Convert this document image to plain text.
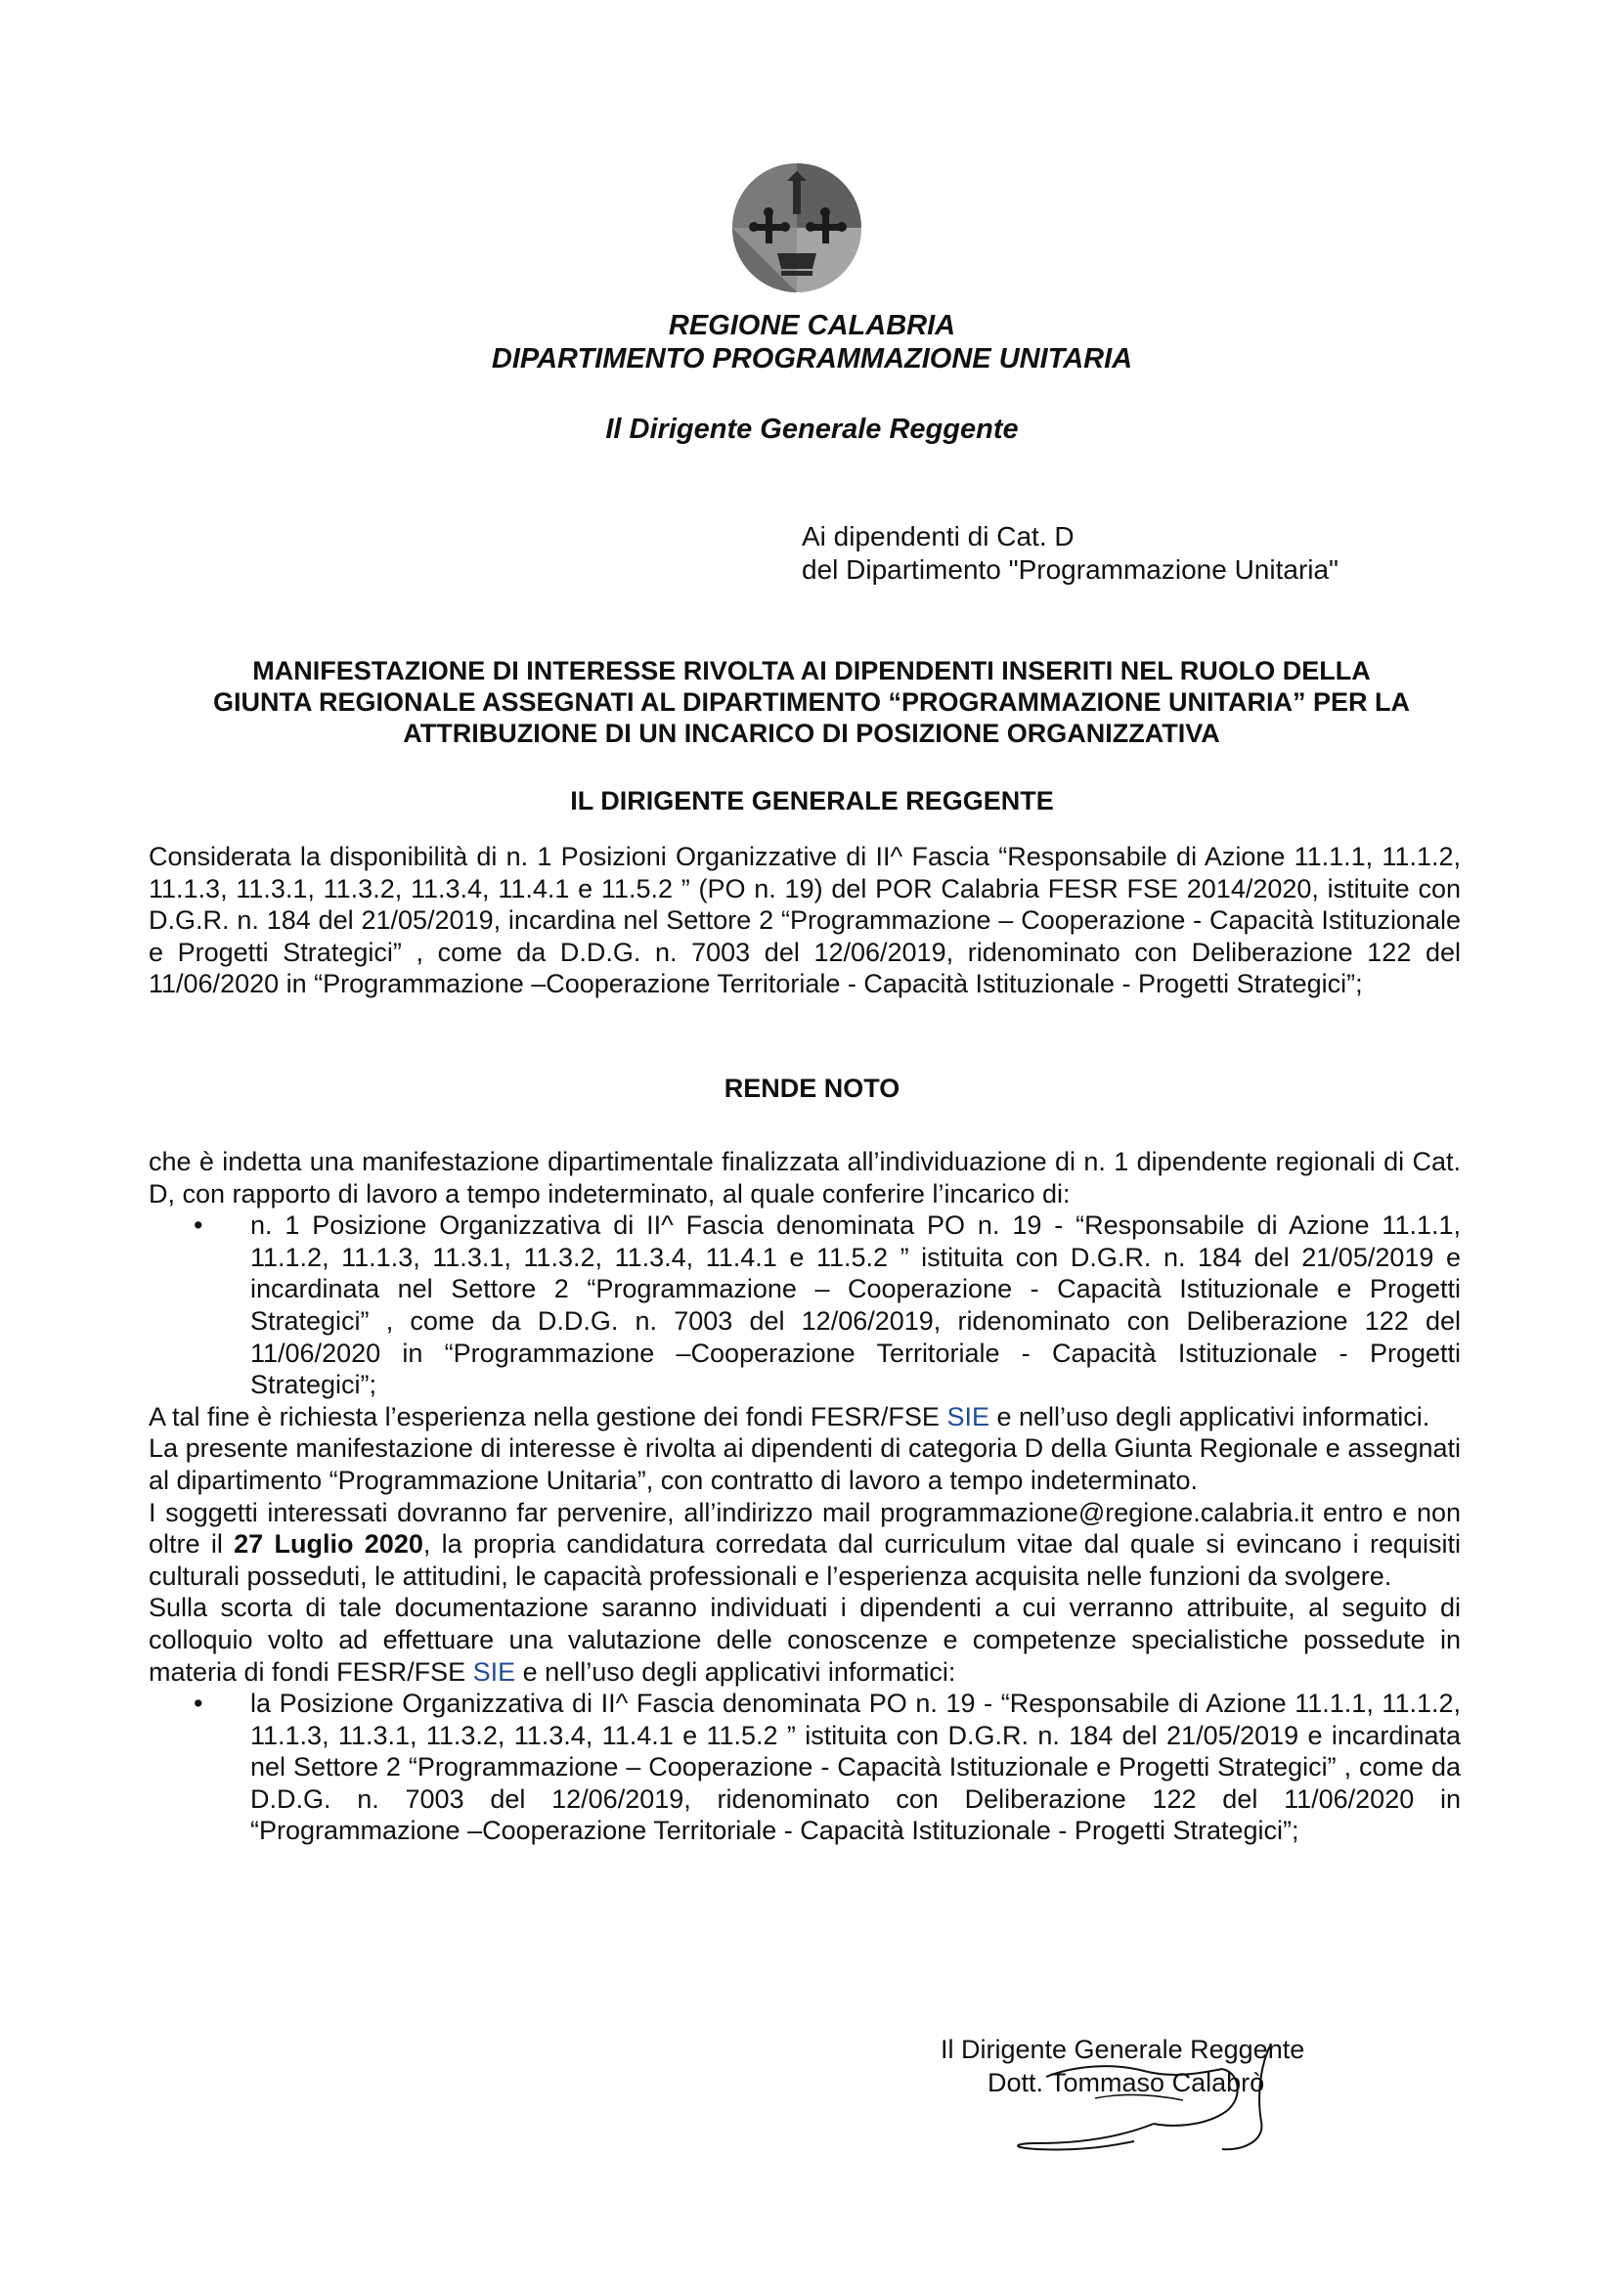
REGIONE CALABRIA
DIPARTIMENTO PROGRAMMAZIONE UNITARIA
Il Dirigente Generale Reggente
Ai dipendenti di Cat. D
del Dipartimento "Programmazione Unitaria"
MANIFESTAZIONE DI INTERESSE RIVOLTA AI DIPENDENTI INSERITI NEL RUOLO DELLA
GIUNTA REGIONALE ASSEGNATI AL DIPARTIMENTO “PROGRAMMAZIONE UNITARIA” PER LA
ATTRIBUZIONE DI UN INCARICO DI POSIZIONE ORGANIZZATIVA
IL DIRIGENTE GENERALE REGGENTE
Considerata la disponibilità di n. 1 Posizioni Organizzative di II^ Fascia “Responsabile di Azione 11.1.1, 11.1.2, 11.1.3, 11.3.1, 11.3.2, 11.3.4, 11.4.1 e 11.5.2 ” (PO n. 19) del POR Calabria FESR FSE 2014/2020, istituite con D.G.R. n. 184 del 21/05/2019, incardina nel Settore 2 “Programmazione – Cooperazione - Capacità Istituzionale e Progetti Strategici” , come da D.D.G. n. 7003 del 12/06/2019, ridenominato con Deliberazione 122 del 11/06/2020 in “Programmazione –Cooperazione Territoriale - Capacità Istituzionale - Progetti Strategici”;
RENDE NOTO

che è indetta una manifestazione dipartimentale finalizzata all’individuazione di n. 1 dipendente regionali di Cat. D, con rapporto di lavoro a tempo indeterminato, al quale conferire l’incarico di:

• n. 1 Posizione Organizzativa di II^ Fascia denominata PO n. 19 - “Responsabile di Azione 11.1.1, 11.1.2, 11.1.3, 11.3.1, 11.3.2, 11.3.4, 11.4.1 e 11.5.2 ” istituita con D.G.R. n. 184 del 21/05/2019 e incardinata nel Settore 2 “Programmazione – Cooperazione - Capacità Istituzionale e Progetti Strategici” , come da D.D.G. n. 7003 del 12/06/2019, ridenominato con Deliberazione 122 del 11/06/2020 in “Programmazione –Cooperazione Territoriale - Capacità Istituzionale - Progetti Strategici”;

A tal fine è richiesta l’esperienza nella gestione dei fondi FESR/FSE SIE e nell’uso degli applicativi informatici.

La presente manifestazione di interesse è rivolta ai dipendenti di categoria D della Giunta Regionale e assegnati al dipartimento “Programmazione Unitaria”, con contratto di lavoro a tempo indeterminato.

I soggetti interessati dovranno far pervenire, all’indirizzo mail programmazione@regione.calabria.it entro e non oltre il 27 Luglio 2020, la propria candidatura corredata dal curriculum vitae dal quale si evincano i requisiti culturali posseduti, le attitudini, le capacità professionali e l’esperienza acquisita nelle funzioni da svolgere.

Sulla scorta di tale documentazione saranno individuati i dipendenti a cui verranno attribuite, al seguito di colloquio volto ad effettuare una valutazione delle conoscenze e competenze specialistiche possedute in materia di fondi FESR/FSE SIE e nell’uso degli applicativi informatici:

• la Posizione Organizzativa di II^ Fascia denominata PO n. 19 - “Responsabile di Azione 11.1.1, 11.1.2, 11.1.3, 11.3.1, 11.3.2, 11.3.4, 11.4.1 e 11.5.2 ” istituita con D.G.R. n. 184 del 21/05/2019 e incardinata nel Settore 2 “Programmazione – Cooperazione - Capacità Istituzionale e Progetti Strategici” , come da D.D.G. n. 7003 del 12/06/2019, ridenominato con Deliberazione 122 del 11/06/2020 in “Programmazione –Cooperazione Territoriale - Capacità Istituzionale - Progetti Strategici”;

Il Dirigente Generale Reggente
Dott. Tommaso Calabrò
